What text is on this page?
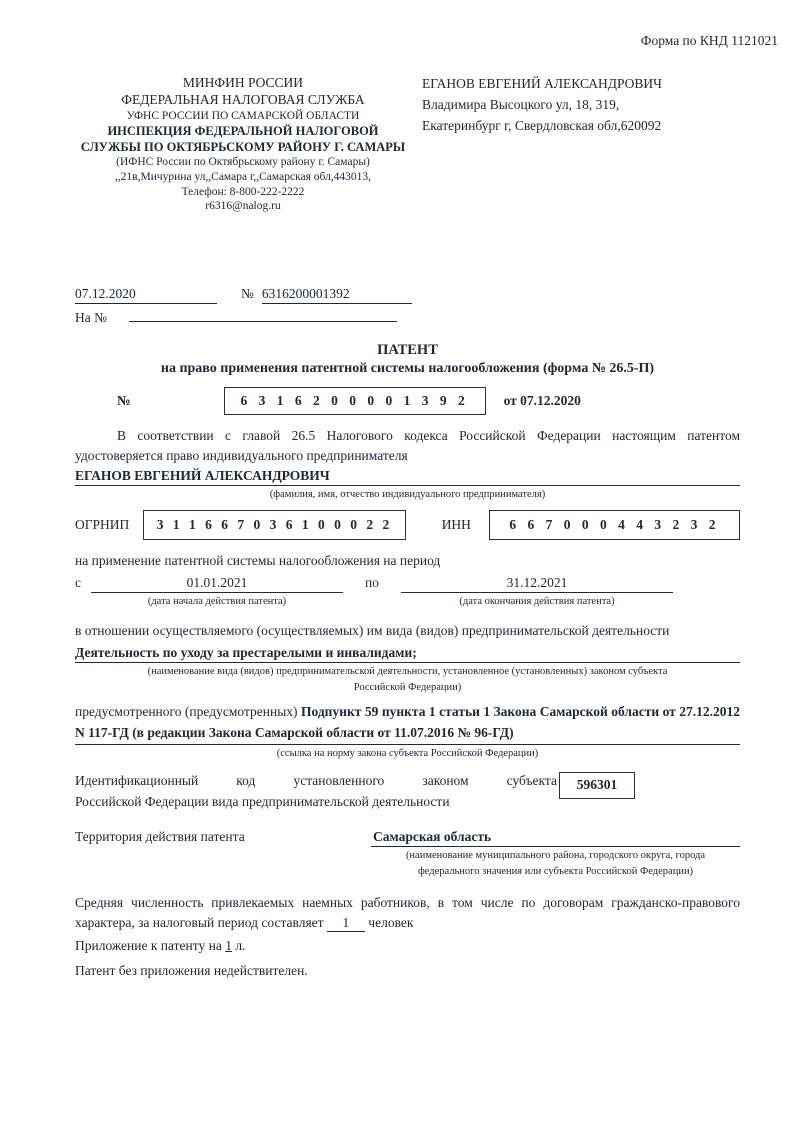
Форма по КНД 1121021
МИНФИН РОССИИ
ФЕДЕРАЛЬНАЯ НАЛОГОВАЯ СЛУЖБА
УФНС РОССИИ ПО САМАРСКОЙ ОБЛАСТИ
ИНСПЕКЦИЯ ФЕДЕРАЛЬНОЙ НАЛОГОВОЙ
СЛУЖБЫ ПО ОКТЯБРЬСКОМУ РАЙОНУ Г. САМАРЫ
(ИФНС России по Октябрьскому району г. Самары)
,,21в,Мичурина ул,,Самара г,,Самарская обл,443013,
Телефон: 8-800-222-2222
r6316@nalog.ru
ЕГАНОВ ЕВГЕНИЙ АЛЕКСАНДРОВИЧ
Владимира Высоцкого ул, 18, 319,
Екатеринбург г, Свердловская обл,620092
07.12.2020	№ 6316200001392
На №
ПАТЕНТ
на право применения патентной системы налогообложения (форма № 26.5-П)
№	6 3 1 6 2 0 0 0 0 1 3 9 2	от 07.12.2020

В соответствии с главой 26.5 Налогового кодекса Российской Федерации настоящим патентом удостоверяется право индивидуального предпринимателя

ЕГАНОВ ЕВГЕНИЙ АЛЕКСАНДРОВИЧ
(фамилия, имя, отчество индивидуального предпринимателя)
ОГРНИП	3 1 1 6 6 7 0 3 6 1 0 0 0 2 2	ИНН	6 6 7 0 0 0 4 4 3 2 3 2
на применение патентной системы налогообложения на период
с	01.01.2021
(дата начала действия патента)
по	31.12.2021
(дата окончания действия патента)

в отношении осуществляемого (осуществляемых) им вида (видов) предпринимательской деятельности

Деятельность по уходу за престарелыми и инвалидами;
(наименование вида (видов) предпринимательской деятельности, установленное (установленных) законом субъекта
Российской Федерации)

предусмотренного (предусмотренных) Подпункт 59 пункта 1 статьи 1 Закона Самарской области от 27.12.2012 N 117-ГД (в редакции Закона Самарской области от 11.07.2016 № 96-ГД)

(ссылка на норму закона субъекта Российской Федерации)
Идентификационный код установленного законом субъекта
Российской Федерации вида предпринимательской деятельности
596301
Территория действия патента	Самарская область
(наименование муниципального района, городского округа, города
федерального значения или субъекта Российской Федерации)

Средняя численность привлекаемых наемных работников, в том числе по договорам гражданско-правового характера, за налоговый период составляет 1 человек

Приложение к патенту на 1 л.

Патент без приложения недействителен.
